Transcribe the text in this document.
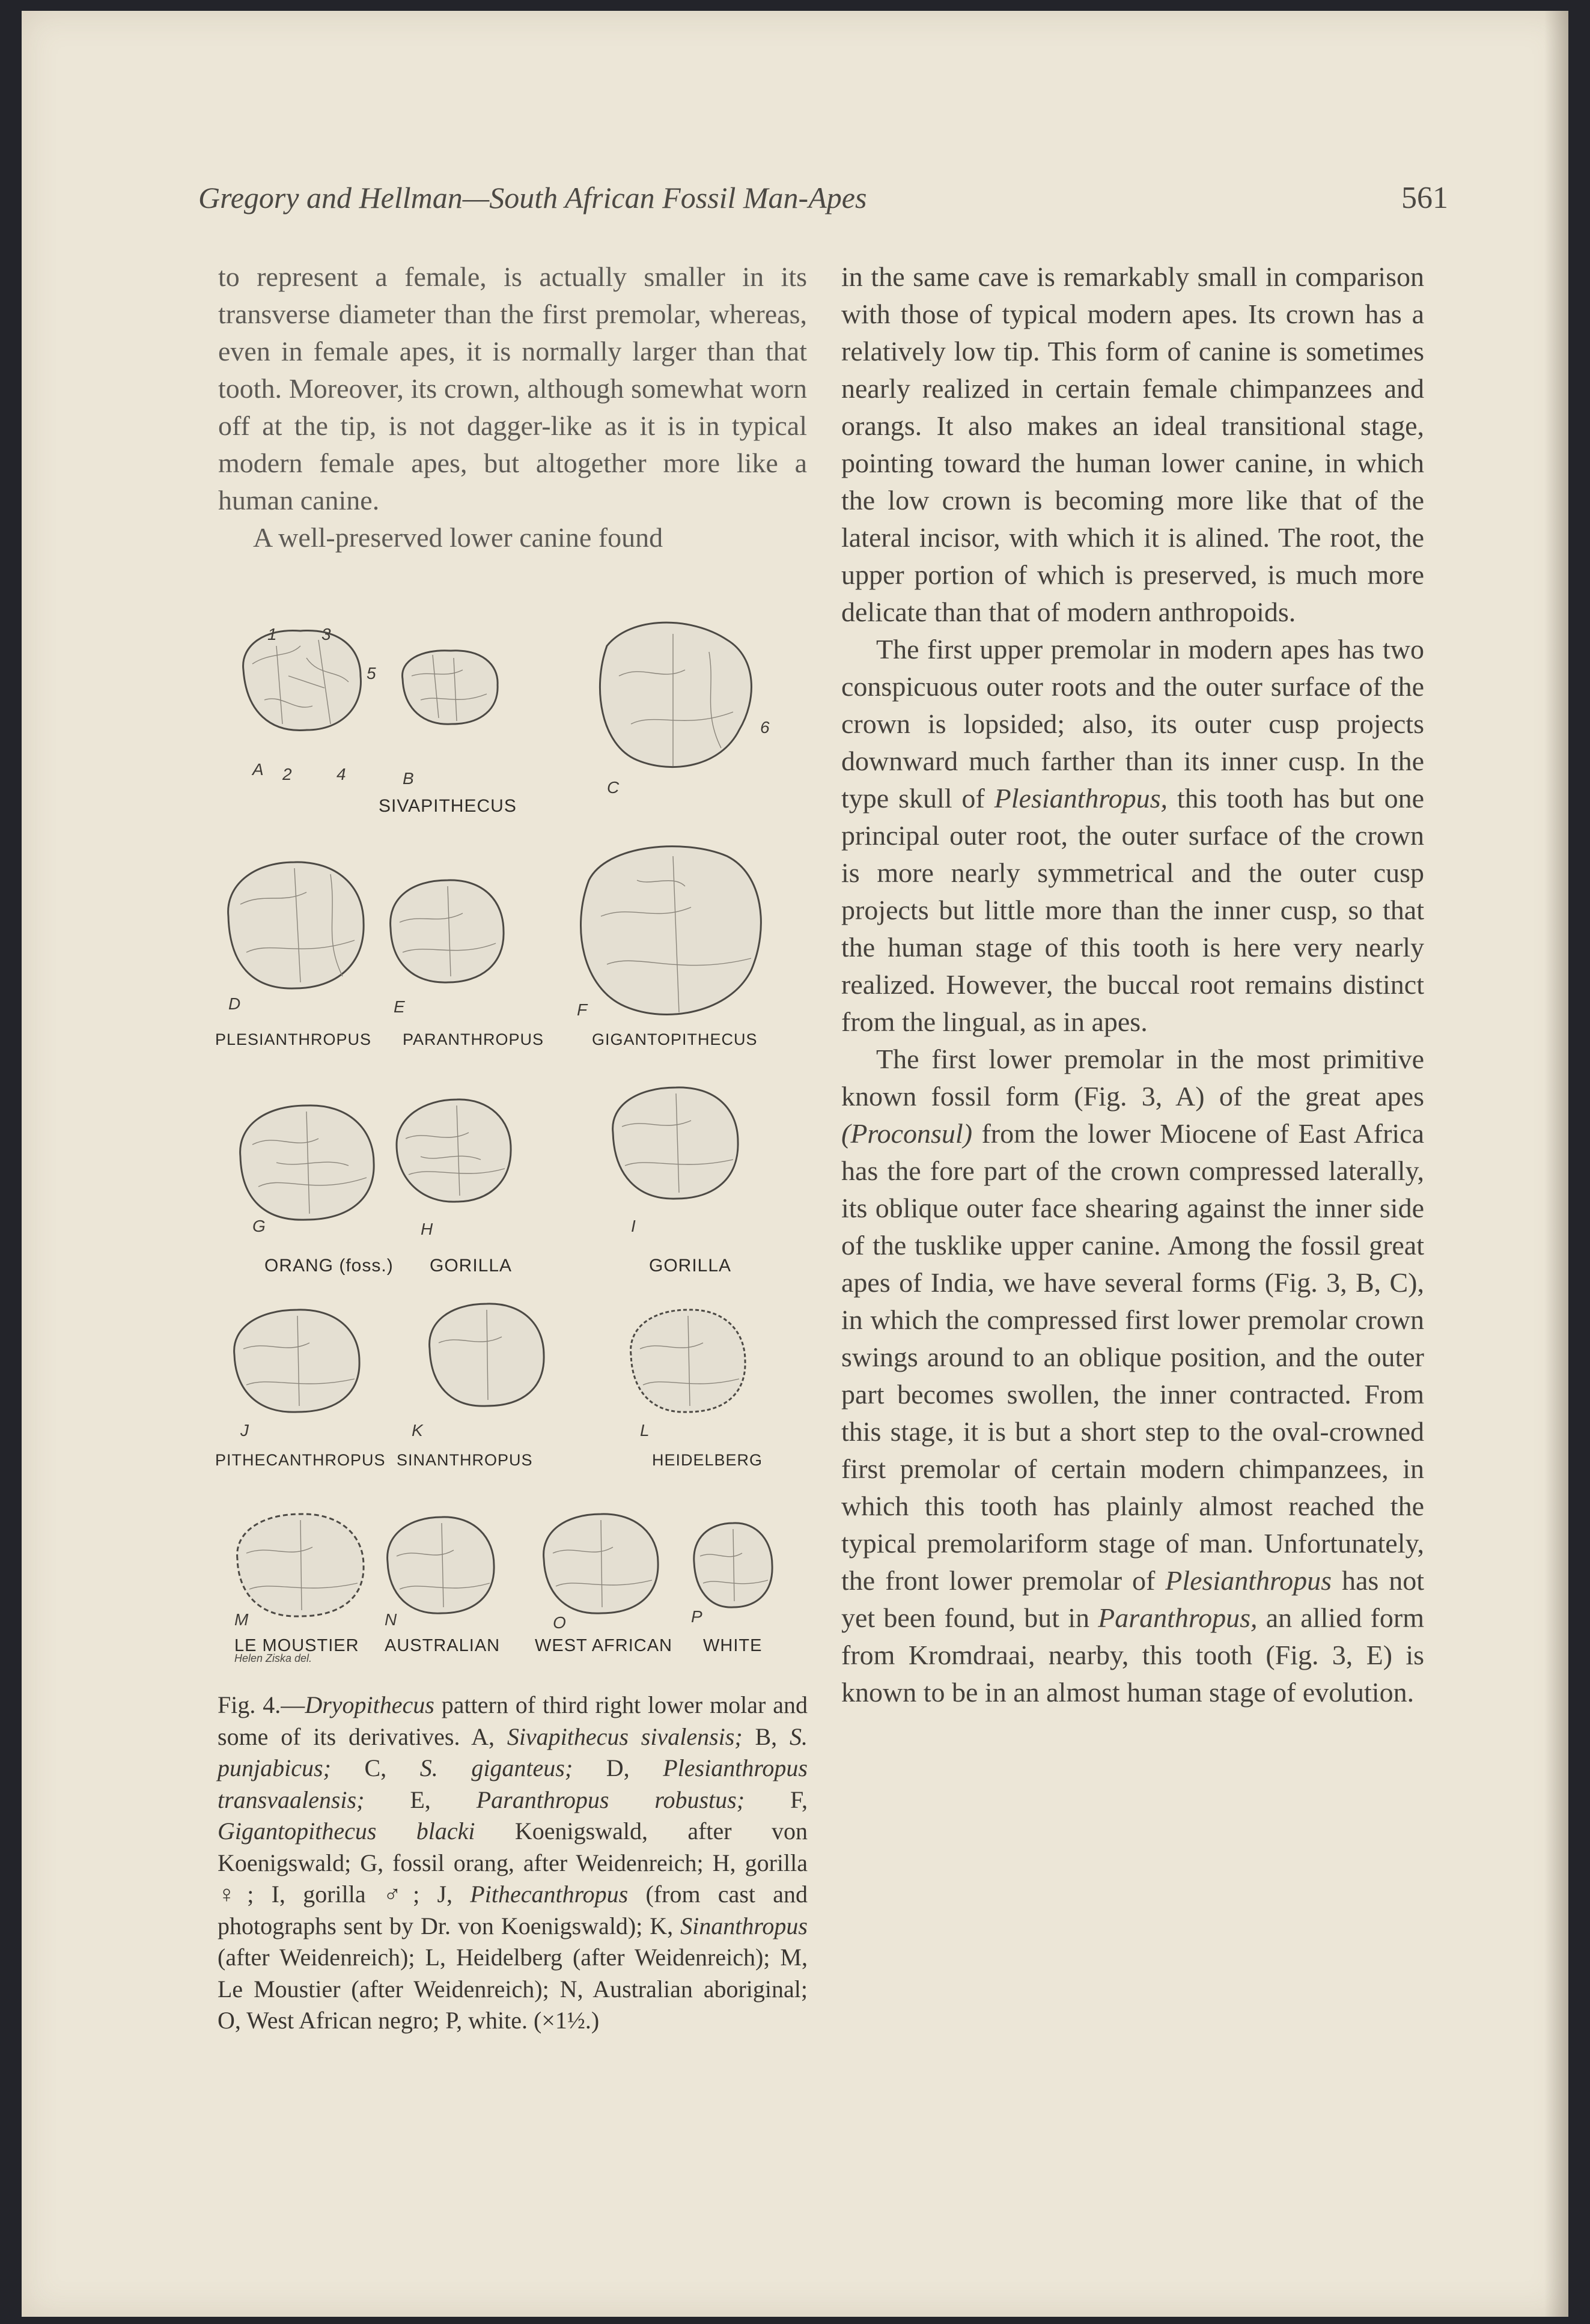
Gregory and Hellman—South African Fossil Man-Apes	561

to represent a female, is actually smaller in its transverse diameter than the first premolar, whereas, even in female apes, it is normally larger than that tooth. Moreover, its crown, although somewhat worn off at the tip, is not dagger-like as it is in typical modern female apes, but altogether more like a human canine.

A well-preserved lower canine found

A	B	C
D	E	F
G	H	I
J	K	L
M	N	O	P
1	3
5
2	4
6
SIVAPITHECUS
PLESIANTHROPUS PARANTHROPUS	GIGANTOPITHECUS
ORANG (foss.) GORILLA	GORILLA
PITHECANTHROPUS SINANTHROPUS	HEIDELBERG
LE MOUSTIER AUSTRALIAN WEST AFRICAN WHITE
Helen Ziska del.
Fig. 4.—Dryopithecus pattern of third right lower molar and some of its derivatives. A, Sivapithecus sivalensis; B, S. punjabicus; C, S. giganteus; D, Plesianthropus transvaalensis; E, Paranthropus robustus; F, Gigantopithecus blacki Koenigswald, after von Koenigswald; G, fossil orang, after Weidenreich; H, gorilla ♀; I, gorilla ♂; J, Pithecanthropus (from cast and photographs sent by Dr. von Koenigswald); K, Sinanthropus (after Weidenreich); L, Heidelberg (after Weidenreich); M, Le Moustier (after Weidenreich); N, Australian aboriginal; O, West African negro; P, white. (×1½.)

in the same cave is remarkably small in comparison with those of typical modern apes. Its crown has a relatively low tip. This form of canine is sometimes nearly realized in certain female chimpanzees and orangs. It also makes an ideal transitional stage, pointing toward the human lower canine, in which the low crown is becoming more like that of the lateral incisor, with which it is alined. The root, the upper portion of which is preserved, is much more delicate than that of modern anthropoids.

The first upper premolar in modern apes has two conspicuous outer roots and the outer surface of the crown is lopsided; also, its outer cusp projects downward much farther than its inner cusp. In the type skull of Plesianthropus, this tooth has but one principal outer root, the outer surface of the crown is more nearly symmetrical and the outer cusp projects but little more than the inner cusp, so that the human stage of this tooth is here very nearly realized. However, the buccal root remains distinct from the lingual, as in apes.

The first lower premolar in the most primitive known fossil form (Fig. 3, A) of the great apes (Proconsul) from the lower Miocene of East Africa has the fore part of the crown compressed laterally, its oblique outer face shearing against the inner side of the tusklike upper canine. Among the fossil great apes of India, we have several forms (Fig. 3, B, C), in which the compressed first lower premolar crown swings around to an oblique position, and the outer part becomes swollen, the inner contracted. From this stage, it is but a short step to the oval-crowned first premolar of certain modern chimpanzees, in which this tooth has plainly almost reached the typical premolariform stage of man. Unfortunately, the front lower premolar of Plesianthropus has not yet been found, but in Paranthropus, an allied form from Kromdraai, nearby, this tooth (Fig. 3, E) is known to be in an almost human stage of evolution.
